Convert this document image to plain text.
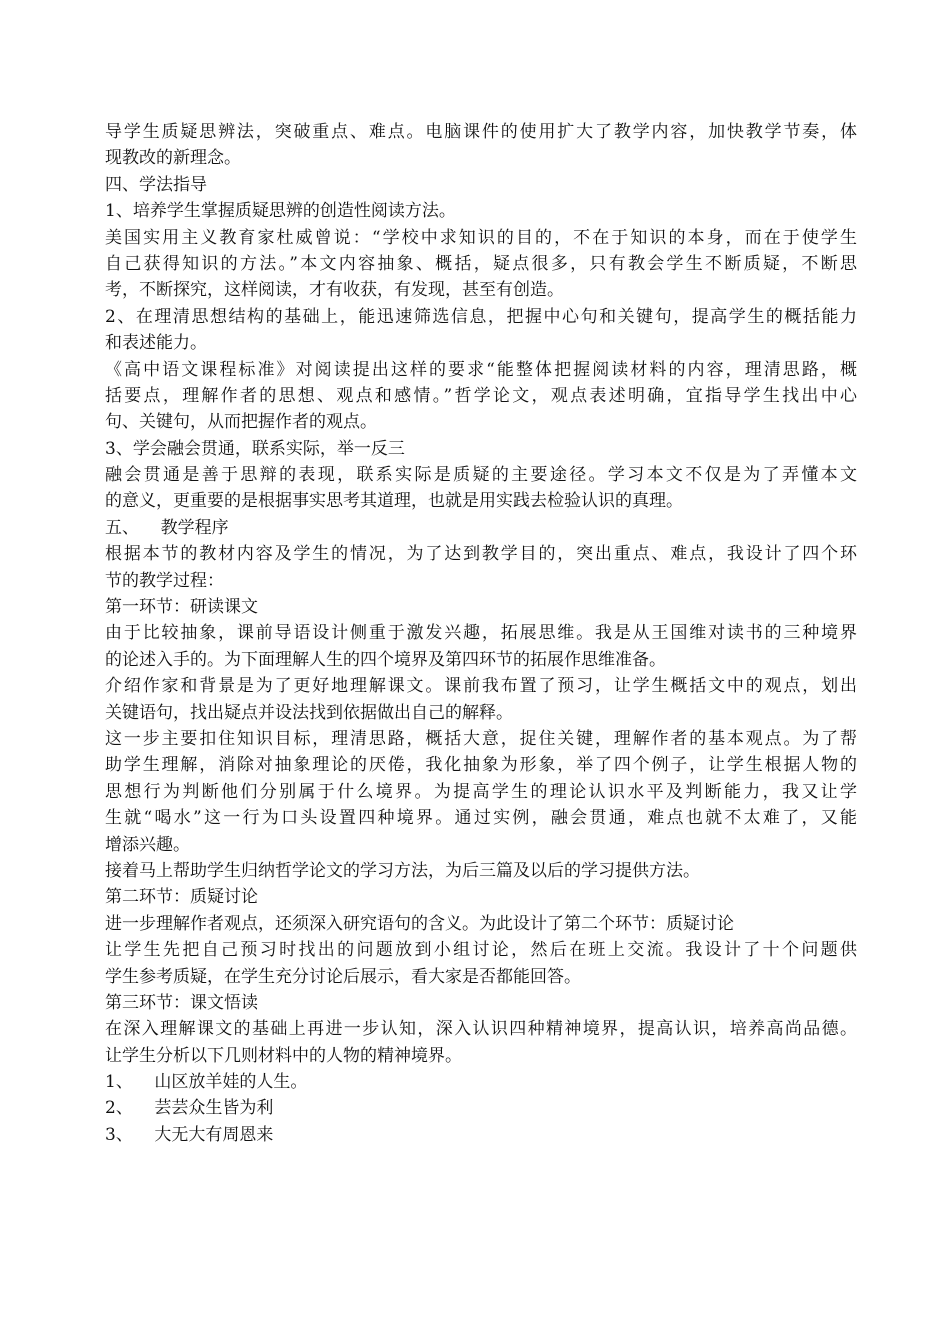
导学生质疑思辨法，突破重点、难点。电脑课件的使用扩大了教学内容，加快教学节奏，体

现教改的新理念。

四、学法指导

1、培养学生掌握质疑思辨的创造性阅读方法。

美国实用主义教育家杜威曾说：“学校中求知识的目的，不在于知识的本身，而在于使学生

自己获得知识的方法。”本文内容抽象、概括，疑点很多，只有教会学生不断质疑，不断思

考，不断探究，这样阅读，才有收获，有发现，甚至有创造。

2、在理清思想结构的基础上，能迅速筛选信息，把握中心句和关键句，提高学生的概括能力

和表述能力。

《高中语文课程标准》对阅读提出这样的要求“能整体把握阅读材料的内容，理清思路，概

括要点，理解作者的思想、观点和感情。”哲学论文，观点表述明确，宜指导学生找出中心

句、关键句，从而把握作者的观点。

3、学会融会贯通，联系实际，举一反三

融会贯通是善于思辩的表现，联系实际是质疑的主要途径。学习本文不仅是为了弄懂本文

的意义，更重要的是根据事实思考其道理，也就是用实践去检验认识的真理。

五、    教学程序

根据本节的教材内容及学生的情况，为了达到教学目的，突出重点、难点，我设计了四个环

节的教学过程：

第一环节：研读课文

由于比较抽象，课前导语设计侧重于激发兴趣，拓展思维。我是从王国维对读书的三种境界

的论述入手的。为下面理解人生的四个境界及第四环节的拓展作思维准备。

介绍作家和背景是为了更好地理解课文。课前我布置了预习，让学生概括文中的观点，划出

关键语句，找出疑点并设法找到依据做出自己的解释。

这一步主要扣住知识目标，理清思路，概括大意，捉住关键，理解作者的基本观点。为了帮

助学生理解，消除对抽象理论的厌倦，我化抽象为形象，举了四个例子，让学生根据人物的

思想行为判断他们分别属于什么境界。为提高学生的理论认识水平及判断能力，我又让学

生就“喝水”这一行为口头设置四种境界。通过实例，融会贯通，难点也就不太难了，又能

增添兴趣。

接着马上帮助学生归纳哲学论文的学习方法，为后三篇及以后的学习提供方法。

第二环节：质疑讨论

进一步理解作者观点，还须深入研究语句的含义。为此设计了第二个环节：质疑讨论

让学生先把自己预习时找出的问题放到小组讨论，然后在班上交流。我设计了十个问题供

学生参考质疑，在学生充分讨论后展示，看大家是否都能回答。

第三环节：课文悟读

在深入理解课文的基础上再进一步认知，深入认识四种精神境界，提高认识，培养高尚品德。

让学生分析以下几则材料中的人物的精神境界。

1、    山区放羊娃的人生。

2、    芸芸众生皆为利

3、    大无大有周恩来
